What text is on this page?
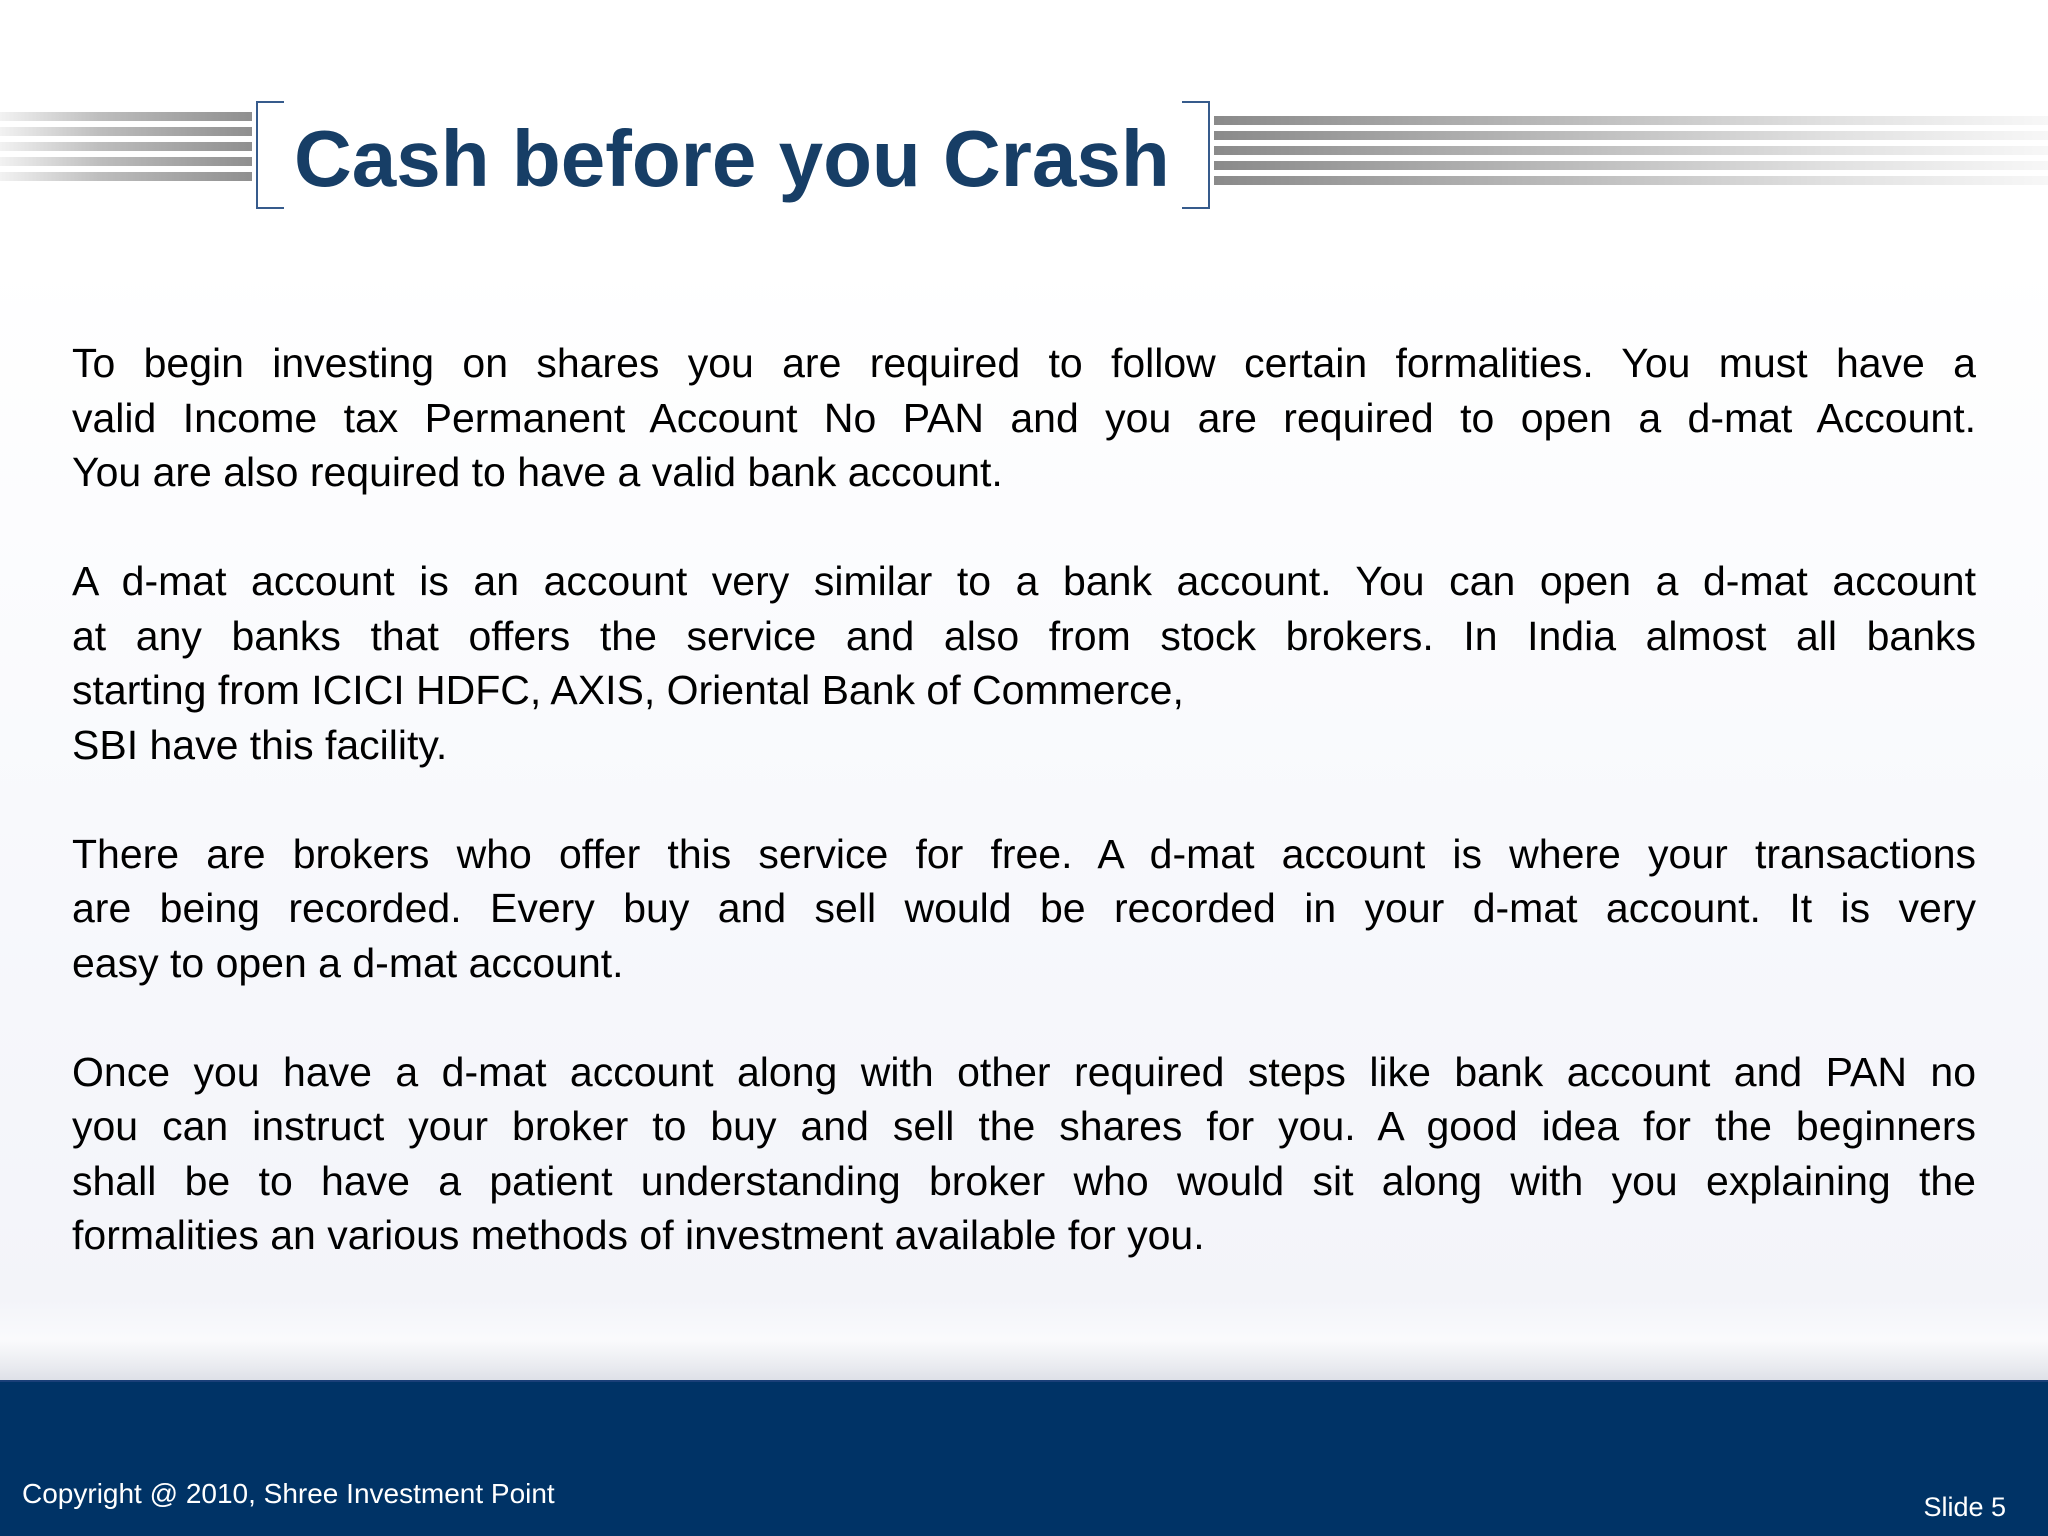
Cash before you Crash

To begin investing on shares you are required to follow certain formalities. You must have a
valid Income tax Permanent Account No PAN and you are required to open a d-mat Account.
You are also required to have a valid bank account.

A d-mat account is an account very similar to a bank account. You can open a d-mat account
at any banks that offers the service and also from stock brokers. In India almost all banks
starting from ICICI HDFC, AXIS, Oriental Bank of Commerce,
SBI have this facility.

There are brokers who offer this service for free. A d-mat account is where your transactions
are being recorded. Every buy and sell would be recorded in your d-mat account. It is very
easy to open a d-mat account.

Once you have a d-mat account along with other required steps like bank account and PAN no
you can instruct your broker to buy and sell the shares for you. A good idea for the beginners
shall be to have a patient understanding broker who would sit along with you explaining the
formalities an various methods of investment available for you.

Copyright @ 2010, Shree Investment Point	Slide 5
